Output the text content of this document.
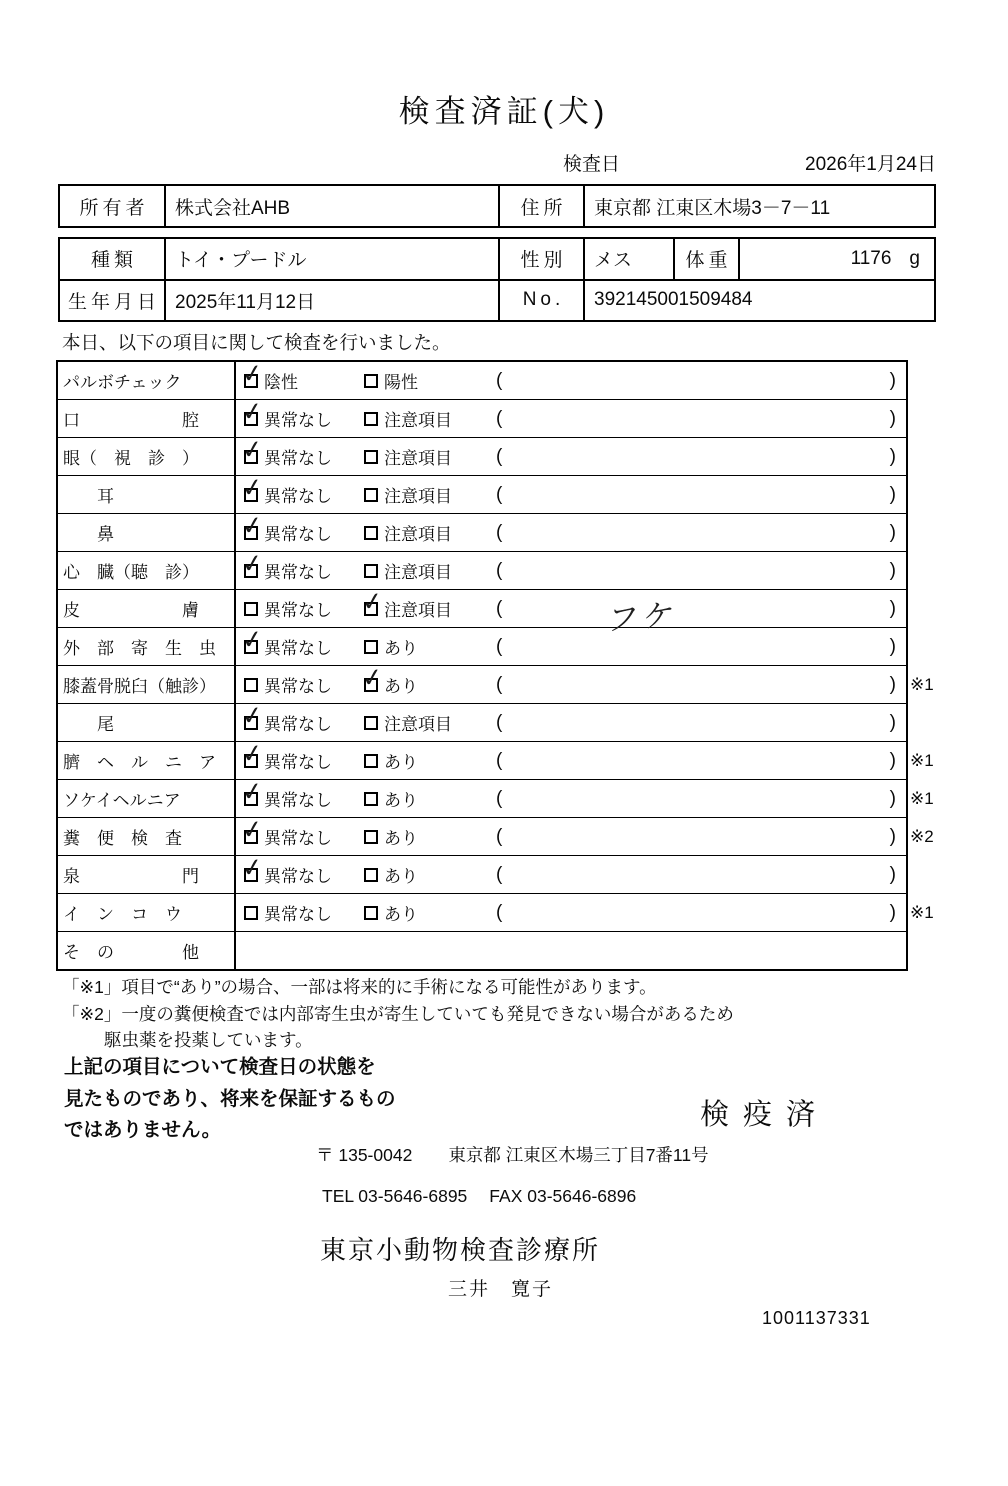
検査済証(犬)
検査日	2026年1月24日
所有者	株式会社AHB	住所	東京都 江東区木場3－7－11
種類	トイ・プードル	性別	メス	体重	1176 g
生年月日 2025年11月12日	No.	392145001509484
本日、以下の項目に関して検査を行いました。
パルボチェック	✓ 陰性	陽性	(	)
口　　　　　　腔	✓ 異常なし	注意項目 (	)
眼（　視　診　）	✓ 異常なし	注意項目 (	)
　　耳	✓ 異常なし	注意項目 (	)
　　鼻	✓ 異常なし	注意項目 (	)
心　臓（聴　診）	✓ 異常なし	注意項目 (	)
皮　　　　　　膚	異常なし ✓ 注意項目 (	フケ	)
外　部　寄　生　虫 ✓ 異常なし	あり	(	)
膝蓋骨脱臼（触診）	異常なし ✓ あり	(	) ※1
　　尾	✓ 異常なし	注意項目 (	)
臍　ヘ　ル　ニ　ア ✓ 異常なし	あり	(	) ※1
ソケイヘルニア	✓ 異常なし	あり	(	) ※1
糞　便　検　査	✓ 異常なし	あり	(	) ※2
泉　　　　　　門	✓ 異常なし	あり	(	)
イ　ン　コ　ウ	異常なし	あり	(	) ※1
そ　の　　　　他
「※1」項目で“あり”の場合、一部は将来的に手術になる可能性があります。
「※2」一度の糞便検査では内部寄生虫が寄生していても発見できない場合があるため
駆虫薬を投薬しています。
上記の項目について検査日の状態を
見たものであり、将来を保証するもの
ではありません。	検疫済
〒 135-0042 東京都 江東区木場三丁目7番11号
TEL 03-5646-6895 FAX 03-5646-6896
東京小動物検査診療所
三井　寛子
1001137331
